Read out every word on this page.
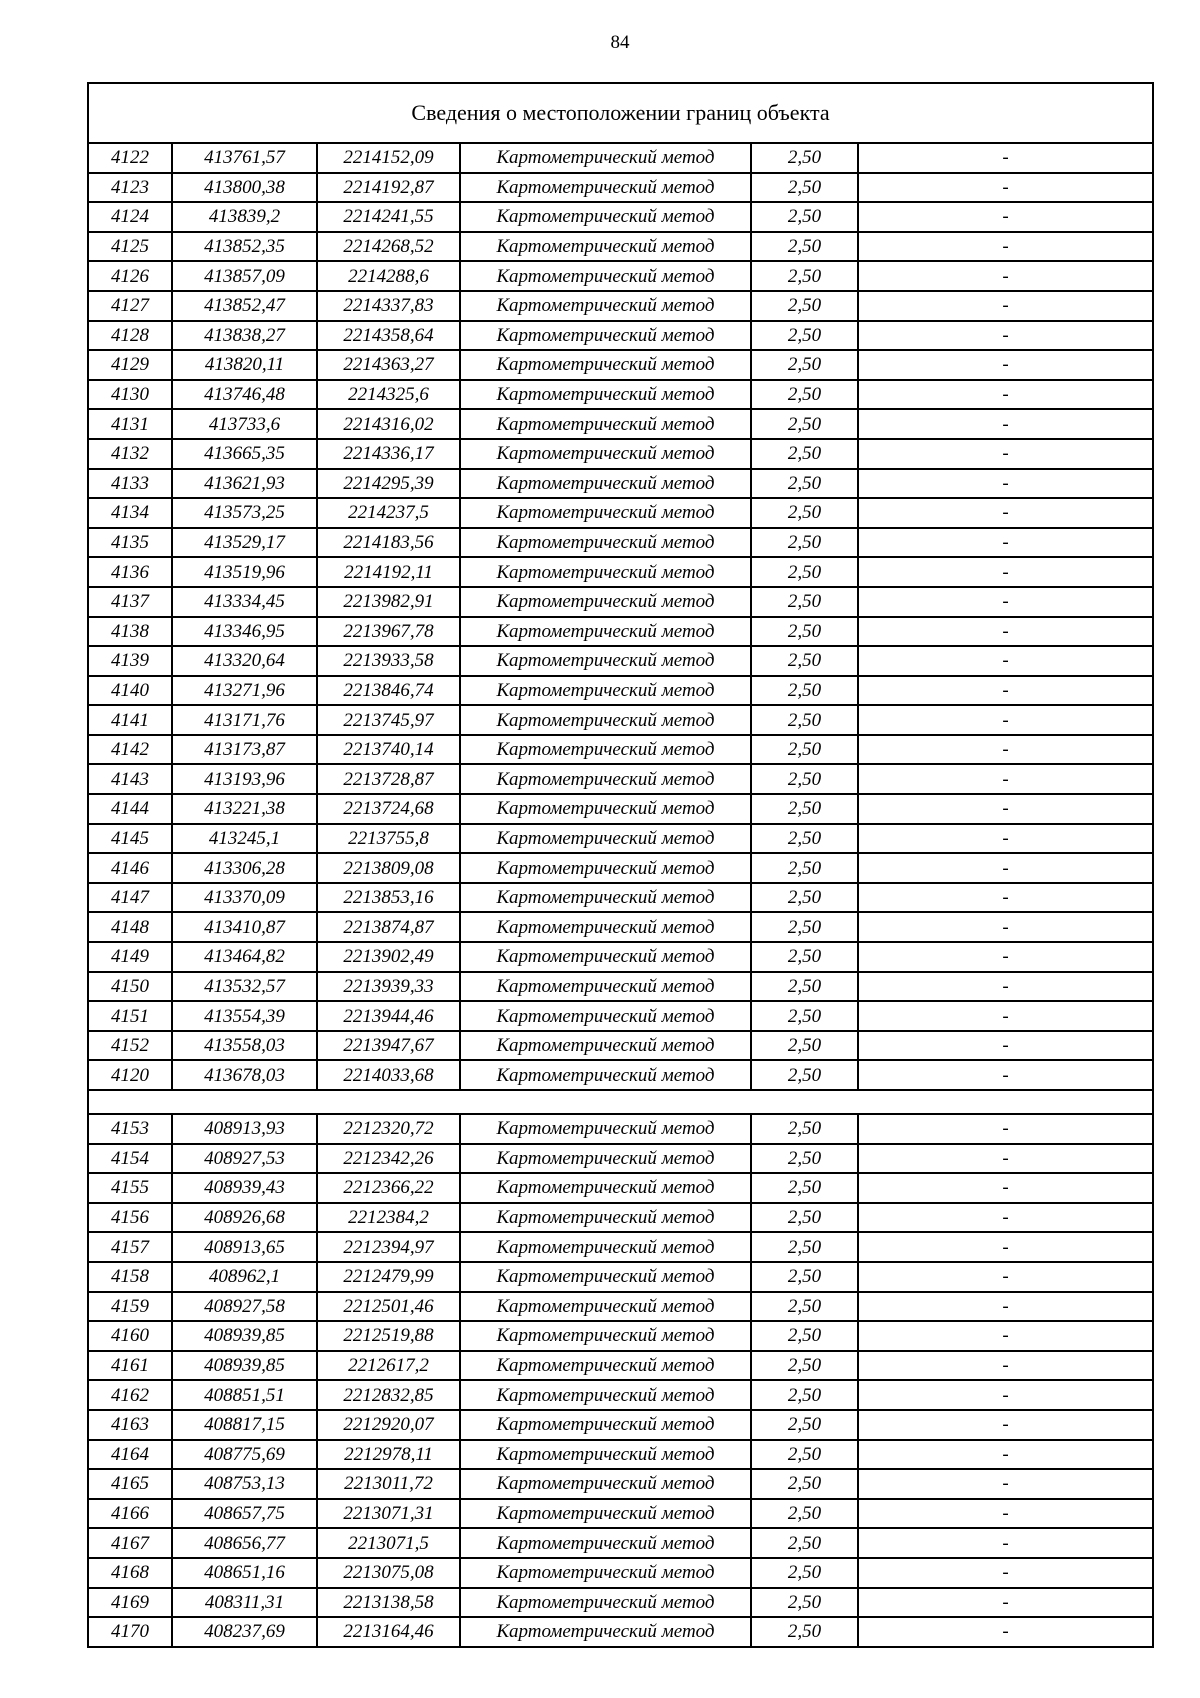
84
Сведения о местоположении границ объекта					
4122	413761,57	2214152,09	Картометрический метод	2,50	-
4123	413800,38	2214192,87	Картометрический метод	2,50	-
4124	413839,2	2214241,55	Картометрический метод	2,50	-
4125	413852,35	2214268,52	Картометрический метод	2,50	-
4126	413857,09	2214288,6	Картометрический метод	2,50	-
4127	413852,47	2214337,83	Картометрический метод	2,50	-
4128	413838,27	2214358,64	Картометрический метод	2,50	-
4129	413820,11	2214363,27	Картометрический метод	2,50	-
4130	413746,48	2214325,6	Картометрический метод	2,50	-
4131	413733,6	2214316,02	Картометрический метод	2,50	-
4132	413665,35	2214336,17	Картометрический метод	2,50	-
4133	413621,93	2214295,39	Картометрический метод	2,50	-
4134	413573,25	2214237,5	Картометрический метод	2,50	-
4135	413529,17	2214183,56	Картометрический метод	2,50	-
4136	413519,96	2214192,11	Картометрический метод	2,50	-
4137	413334,45	2213982,91	Картометрический метод	2,50	-
4138	413346,95	2213967,78	Картометрический метод	2,50	-
4139	413320,64	2213933,58	Картометрический метод	2,50	-
4140	413271,96	2213846,74	Картометрический метод	2,50	-
4141	413171,76	2213745,97	Картометрический метод	2,50	-
4142	413173,87	2213740,14	Картометрический метод	2,50	-
4143	413193,96	2213728,87	Картометрический метод	2,50	-
4144	413221,38	2213724,68	Картометрический метод	2,50	-
4145	413245,1	2213755,8	Картометрический метод	2,50	-
4146	413306,28	2213809,08	Картометрический метод	2,50	-
4147	413370,09	2213853,16	Картометрический метод	2,50	-
4148	413410,87	2213874,87	Картометрический метод	2,50	-
4149	413464,82	2213902,49	Картометрический метод	2,50	-
4150	413532,57	2213939,33	Картометрический метод	2,50	-
4151	413554,39	2213944,46	Картометрический метод	2,50	-
4152	413558,03	2213947,67	Картометрический метод	2,50	-
4120	413678,03	2214033,68	Картометрический метод	2,50	-

4153	408913,93	2212320,72	Картометрический метод	2,50	-
4154	408927,53	2212342,26	Картометрический метод	2,50	-
4155	408939,43	2212366,22	Картометрический метод	2,50	-
4156	408926,68	2212384,2	Картометрический метод	2,50	-
4157	408913,65	2212394,97	Картометрический метод	2,50	-
4158	408962,1	2212479,99	Картометрический метод	2,50	-
4159	408927,58	2212501,46	Картометрический метод	2,50	-
4160	408939,85	2212519,88	Картометрический метод	2,50	-
4161	408939,85	2212617,2	Картометрический метод	2,50	-
4162	408851,51	2212832,85	Картометрический метод	2,50	-
4163	408817,15	2212920,07	Картометрический метод	2,50	-
4164	408775,69	2212978,11	Картометрический метод	2,50	-
4165	408753,13	2213011,72	Картометрический метод	2,50	-
4166	408657,75	2213071,31	Картометрический метод	2,50	-
4167	408656,77	2213071,5	Картометрический метод	2,50	-
4168	408651,16	2213075,08	Картометрический метод	2,50	-
4169	408311,31	2213138,58	Картометрический метод	2,50	-
4170	408237,69	2213164,46	Картометрический метод	2,50	-
